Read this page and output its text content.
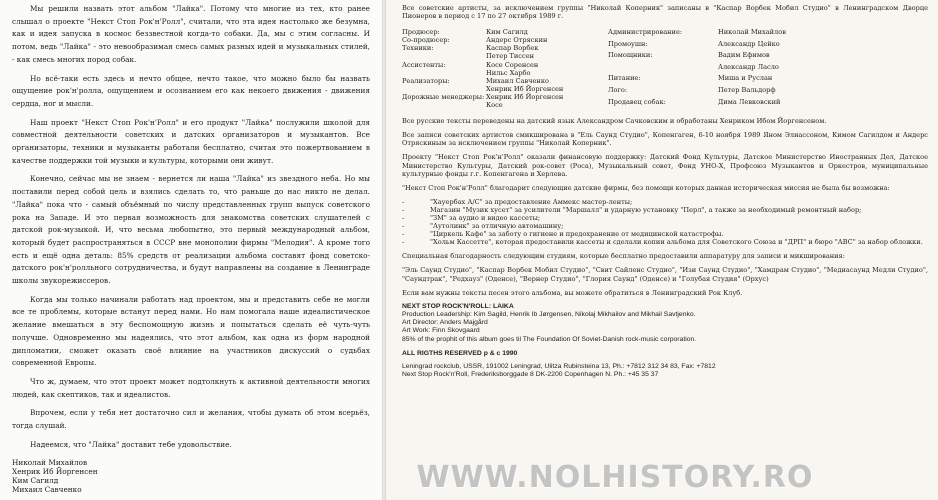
Мы решили назвать этот альбом "Лайка". Потому что многие из тех, кто ранее слышал о проекте "Некст Стоп Рок'н'Ролл", считали, что эта идея настолько же безумна, как и идея запуска в космос беззвестной когда-то собаки. Да, мы с этим согласны. И потом, ведь "Лайка" - это невообразимая смесь самых разных идей и музыкальных стилей, - как смесь многих пород собак.

Но всё-таки есть здесь и нечто общее, нечто такое, что можно было бы назвать ощущение рок'н'ролла, ощущением и осознанием его как некоего движения - движения сердца, ног и мысли.

Наш проект "Некст Стоп Рок'н'Ролл" и его продукт "Лайка" послужили школой для совместной деятельности советских и датских организаторов и музыкантов. Все организаторы, техники и музыканты работали бесплатно, считая это пожертвованием в качестве поддержки той музыки и культуры, которыми они живут.

Конечно, сейчас мы не знаем - вернется ли наша "Лайка" из звездного неба. Но мы поставили перед собой цель и взялись сделать то, что раньше до нас никто не делал. "Лайка" пока что - самый объёмный по числу представленных групп выпуск советского рока на Западе. И это первая возможность для знакомства советских слушателей с датской рок-музыкой. И, что весьма любопытно, это первый международный альбом, который будет распространяться в СССР вне монополии фирмы "Мелодия". А кроме того есть и ещё одна деталь: 85% средств от реализации альбома составят фонд советско-датского рок'н'ролльного сотрудничества, и будут направлены на создание в Ленинграде школы звукорежиссеров.

Когда мы только начинали работать над проектом, мы и представить себе не могли все те проблемы, которые встанут перед нами. Но нам помогала наше идеалистическое желание вмешаться в эту беспомощную жизнь и попытаться сделать её чуть-чуть получше. Одновременно мы надеялись, что этот альбом, как одна из форм народной дипломатии, сможет оказать своё влияние на участников дискуссий о судьбах современной Европы.

Что ж, думаем, что этот проект может подтолкнуть к активной деятельности многих людей, как скептиков, так и идеалистов.

Впрочем, если у тебя нет достаточно сил и желания, чтобы думать об этом всерьёз, тогда слушай.

Надеемся, что "Лайка" доставит тебе удовольствие.

Николай Михайлов
Хенрик Иб Йоргенсен
Ким Сагилд
Михаил Савченко

Все советские артисты, за исключением группы "Николай Коперник" записаны в "Каспар Ворбек Мобил Студио" в Ленинградском Дворце Пионеров в период с 17 по 27 октября 1989 г.

Продюсер:	Ким Сагилд
Со-продюсер:	Андерс Отряскин
Техники:	Каспар Ворбек
Петер Тиссен
Ассистенты:	Косе Соренсен
Нильс Харбо
Реализаторы:	Михаил Савченко
Хенрик Иб Йоргенсен
Дорожные менеджеры: Хенрик Иб Йоргенсен
Косе
Администрирование:	Николай Михайлов
Промоушн:	Александр Цейко
Помощники:	Вадим Ефимов
Александр Ласло
Питание:	Миша и Руслан
Лого:	Петер Вальдорф
Продавец собак:	Дима Левковский

Все русские тексты переведены на датский язык Александром Сачковским и обработаны Хенриком Ибом Йоргенсеном.

Все записи советских артистов смикширована в "Ель Саунд Студио", Копенгаген, 6-10 ноября 1989 Яном Элиассоном, Кимом Сагилдом и Андерс Отряскиным за исключением группы "Николай Коперник".

Проекту "Некст Стоп Рок'н'Ролл" оказали финансовую поддержку: Датский Фонд Культуры, Датское Министерство Иностранных Дел, Датское Министерство Культуры, Датский рок-совет (Роса), Музыкальный совет, Фонд УНО-Х, Профсоюз Музыкантов и Оркестров, муниципальные культурные фонды г.г. Копенгагена и Херлева.

"Некст Стоп Рок'н'Ролл" благодарит следующие датские фирмы, без помощи которых данная историческая миссия не была бы возможна:

-	"Хауербах А/С" за предоставление Аммекс мастер-ленты;
-	Магазин "Музик хусет" за усилители "Маршалл" и ударную установку "Перл", а также за необходимый ремонтный набор;
-	"ЗМ" за аудио и видео кассеты;
-	"Аутолинк" за отличную автомашину;
-	"Циркель Кафе" за заботу о гигиене и предохранение от медицинской катастрофы.
-	"Хольм Кассетте", которая предоставили кассеты и сделали копии альбома для Советского Союза и "ДРП" и бюро "АВС" за набор обложки.

Специальная благодарность следующим студиям, которые бесплатно предоставили аппаратуру для записи и микширования:

"Эль Саунд Студио", "Каспар Ворбек Мобил Студио", "Свит Сайленс Студио", "Изи Саунд Студио", "Хамдрам Студио", "Медиасаунд Медли Студио", "Саундтрак", "Редхауз" (Оденсе), "Вернер Студио", "Глория Саунд" (Оденсе) и "Голубая Студия" (Орхус)

Если вам нужны тексты песен этого альбома, вы можете обратиться в Ленинградский Рок Клуб.

NEXT STOP ROCK'N'ROLL: LAIKA
Production Leadership: Kim Sagild, Henrik Ib Jørgensen, Nikolaj Mikhailov and Mikhail Savtjenko.
Art Director: Anders Majgård
Art Work: Finn Skovgaard
85% of the prophit of this album goes til The Foundation Of Soviet-Danish rock-music corporation.
ALL RIGTHS RESERVED p & c 1990
Leningrad rockclub, USSR, 191002 Leningrad, Ulitza Rubinsteina 13, Ph.: +7812 312 34 83, Fax: +7812
Next Stop Rock'n'Roll, Frederiksborggade 8 DK-2200 Copenhagen N. Ph.: +45 35 37
WWW.NOLHISTORY.RO
